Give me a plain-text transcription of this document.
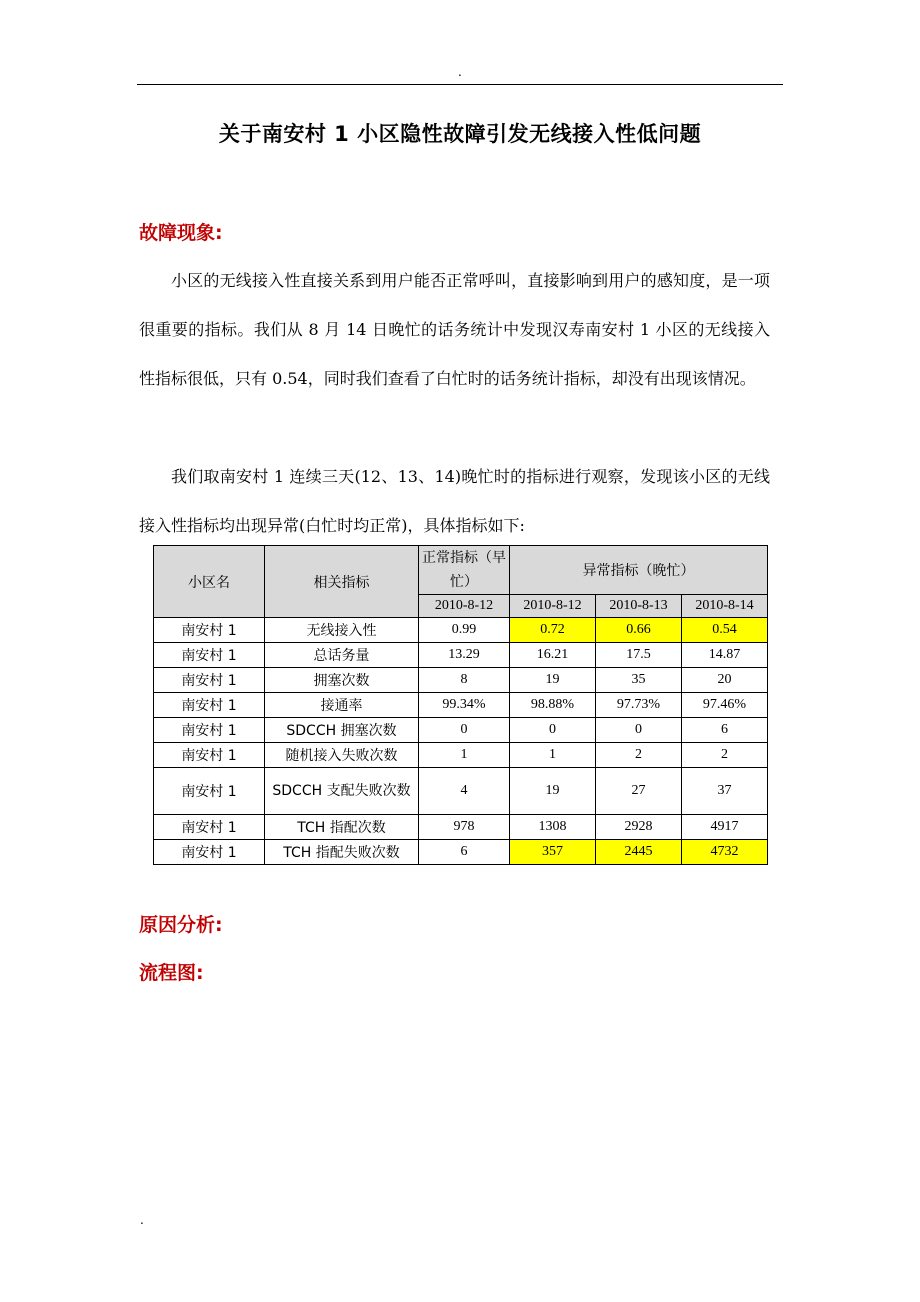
.
关于南安村 1 小区隐性故障引发无线接入性低问题
故障现象:

小区的无线接入性直接关系到用户能否正常呼叫，直接影响到用户的感知度，是一项很重要的指标。我们从 8 月 14 日晚忙的话务统计中发现汉寿南安村 1 小区的无线接入性指标很低，只有 0.54，同时我们查看了白忙时的话务统计指标，却没有出现该情况。

我们取南安村 1 连续三天(12、13、14)晚忙时的指标进行观察，发现该小区的无线接入性指标均出现异常(白忙时均正常)，具体指标如下:

小区名	相关指标	正常指标（早忙）	异常指标（晚忙）		
		2010-8-12	2010-8-12	2010-8-13	2010-8-14
南安村 1	无线接入性	0.99	0.72	0.66	0.54
南安村 1	总话务量	13.29	16.21	17.5	14.87
南安村 1	拥塞次数	8	19	35	20
南安村 1	接通率	99.34%	98.88%	97.73%	97.46%
南安村 1	SDCCH 拥塞次数	0	0	0	6
南安村 1	随机接入失败次数	1	1	2	2
南安村 1	SDCCH 支配失败次数	4	19	27	37
南安村 1	TCH 指配次数	978	1308	2928	4917
南安村 1	TCH 指配失败次数	6	357	2445	4732
原因分析:
流程图:
.
